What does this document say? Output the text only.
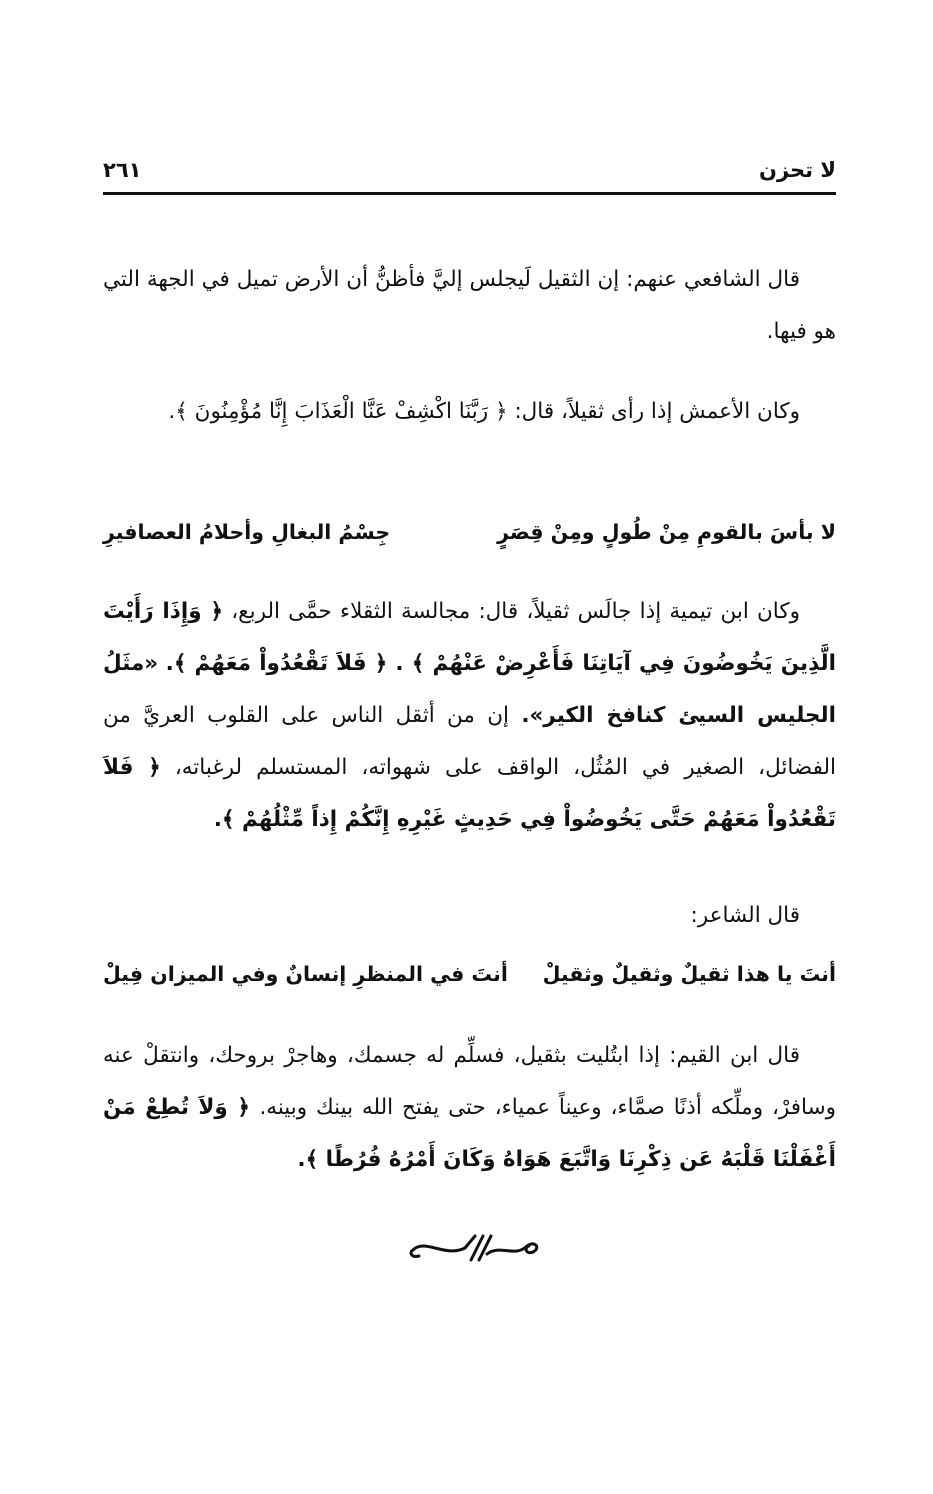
لا تحزن
٢٦١

قال الشافعي عنهم: إن الثقيل لَيجلس إليَّ فأظنُّ أن الأرض تميل في الجهة التي هو فيها.

وكان الأعمش إذا رأى ثقيلاً، قال: ﴿ رَبَّنَا اكْشِفْ عَنَّا الْعَذَابَ إِنَّا مُؤْمِنُونَ ﴾.

لا بأسَ بالقومِ مِنْ طُولٍ ومِنْ قِصَرٍ
جِسْمُ البغالِ وأحلامُ العصافيرِ

وكان ابن تيمية إذا جالَس ثقيلاً، قال: مجالسة الثقلاء حمَّى الربع، ﴿ وَإِذَا رَأَيْتَ الَّذِينَ يَخُوضُونَ فِي آيَاتِنَا فَأَعْرِضْ عَنْهُمْ ﴾ . ﴿ فَلاَ تَقْعُدُواْ مَعَهُمْ ﴾. «مثَلُ الجليس السيئ كنافخ الكير». إن من أثقل الناس على القلوب العريَّ من الفضائل، الصغير في المُثُل، الواقف على شهواته، المستسلم لرغباته، ﴿ فَلاَ تَقْعُدُواْ مَعَهُمْ حَتَّى يَخُوضُواْ فِي حَدِيثٍ غَيْرِهِ إِنَّكُمْ إِذاً مِّثْلُهُمْ ﴾.

قال الشاعر:

أنتَ يا هذا ثقيلٌ وثقيلٌ وثقيلْ
أنتَ في المنظرِ إنسانٌ وفي الميزان فِيلْ

قال ابن القيم: إذا ابتُليت بثقيل، فسلِّم له جسمك، وهاجرْ بروحك، وانتقلْ عنه وسافرْ، وملِّكه أذنًا صمَّاء، وعيناً عمياء، حتى يفتح الله بينك وبينه. ﴿ وَلاَ تُطِعْ مَنْ أَغْفَلْنَا قَلْبَهُ عَن ذِكْرِنَا وَاتَّبَعَ هَوَاهُ وَكَانَ أَمْرُهُ فُرُطًا ﴾.
